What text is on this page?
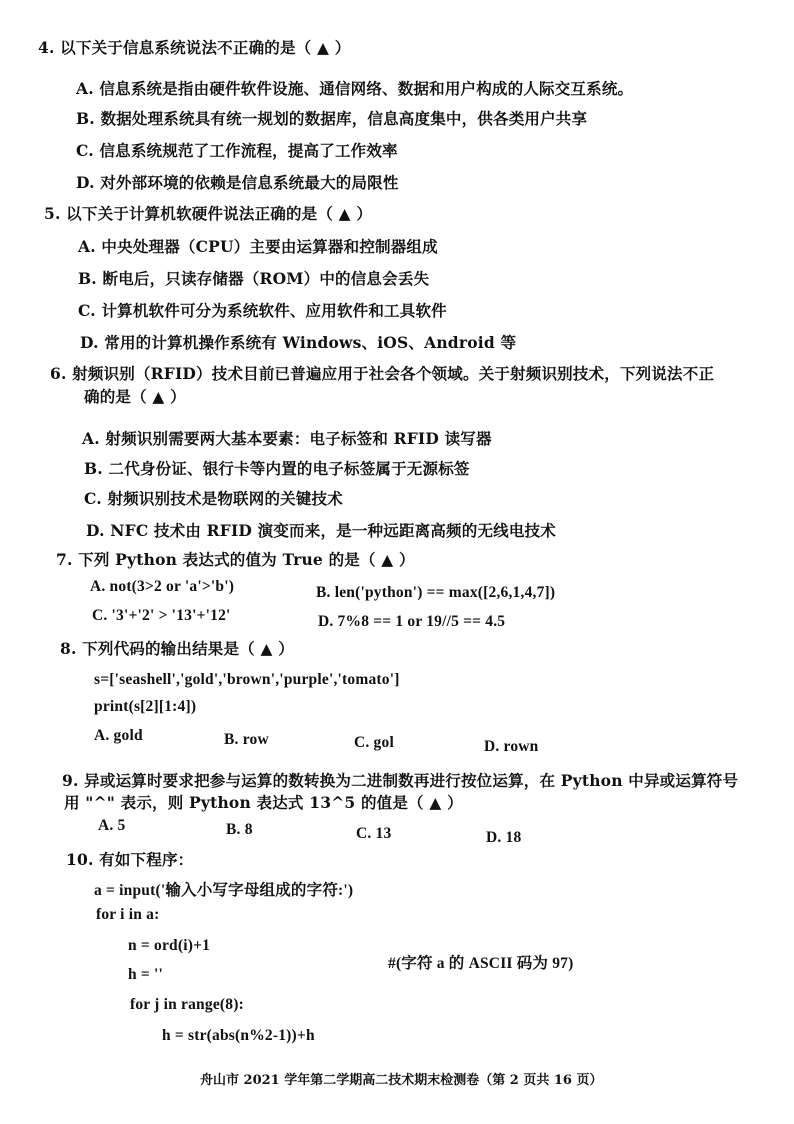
4. 以下关于信息系统说法不正确的是（ ▲ ）
A. 信息系统是指由硬件软件设施、通信网络、数据和用户构成的人际交互系统。
B. 数据处理系统具有统一规划的数据库，信息高度集中，供各类用户共享
C. 信息系统规范了工作流程，提高了工作效率
D. 对外部环境的依赖是信息系统最大的局限性
5. 以下关于计算机软硬件说法正确的是（ ▲ ）
A. 中央处理器（CPU）主要由运算器和控制器组成
B. 断电后，只读存储器（ROM）中的信息会丢失
C. 计算机软件可分为系统软件、应用软件和工具软件
D. 常用的计算机操作系统有 Windows、iOS、Android 等
6. 射频识别（RFID）技术目前已普遍应用于社会各个领域。关于射频识别技术，下列说法不正
确的是（ ▲ ）
A. 射频识别需要两大基本要素：电子标签和 RFID 读写器
B. 二代身份证、银行卡等内置的电子标签属于无源标签
C. 射频识别技术是物联网的关键技术
D. NFC 技术由 RFID 演变而来，是一种远距离高频的无线电技术
7. 下列 Python 表达式的值为 True 的是（ ▲ ）
A. not(3>2 or 'a'>'b')	B. len('python') == max([2,6,1,4,7])
C. '3'+'2' > '13'+'12'	D. 7%8 == 1 or 19//5 == 4.5
8. 下列代码的输出结果是（ ▲ ）
s=['seashell','gold','brown','purple','tomato']
print(s[2][1:4])
A. gold	B. row	C. gol	D. rown
9. 异或运算时要求把参与运算的数转换为二进制数再进行按位运算，在 Python 中异或运算符号
用 "^" 表示，则 Python 表达式 13^5 的值是（ ▲ ）
A. 5	B. 8	C. 13	D. 18
10. 有如下程序：
a = input('输入小写字母组成的字符:')
for i in a:
n = ord(i)+1
#(字符 a 的 ASCII 码为 97)
h = ''
for j in range(8):
h = str(abs(n%2-1))+h
舟山市 2021 学年第二学期高二技术期末检测卷（第 2 页共 16 页）
